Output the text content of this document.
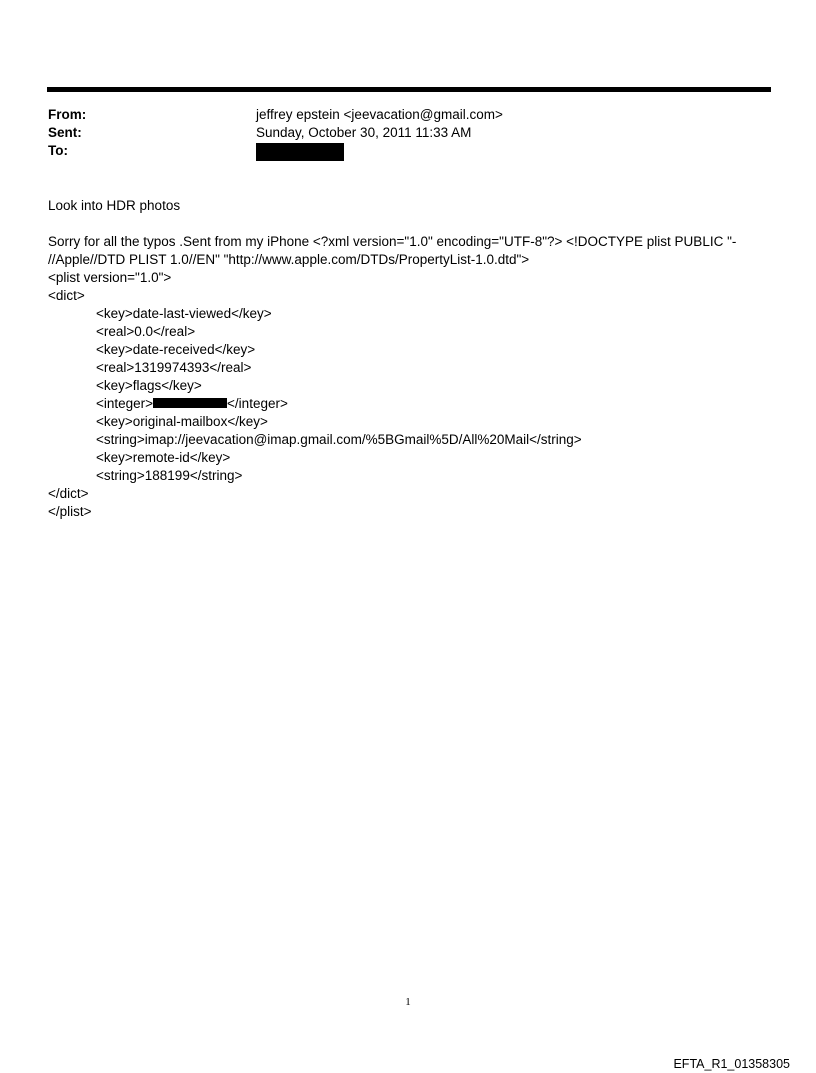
From:	jeffrey epstein <jeevacation@gmail.com>
Sent:	Sunday, October 30, 2011 11:33 AM
To:
Look into HDR photos
Sorry for all the typos .Sent from my iPhone <?xml version="1.0" encoding="UTF-8"?> <!DOCTYPE plist PUBLIC "-
//Apple//DTD PLIST 1.0//EN" "http://www.apple.com/DTDs/PropertyList-1.0.dtd">
<plist version="1.0">
<dict>
<key>date-last-viewed</key>
<real>0.0</real>
<key>date-received</key>
<real>1319974393</real>
<key>flags</key>
<integer>	</integer>
<key>original-mailbox</key>
<string>imap://jeevacation@imap.gmail.com/%5BGmail%5D/All%20Mail</string>
<key>remote-id</key>
<string>188199</string>
</dict>
</plist>
1
EFTA_R1_01358305
